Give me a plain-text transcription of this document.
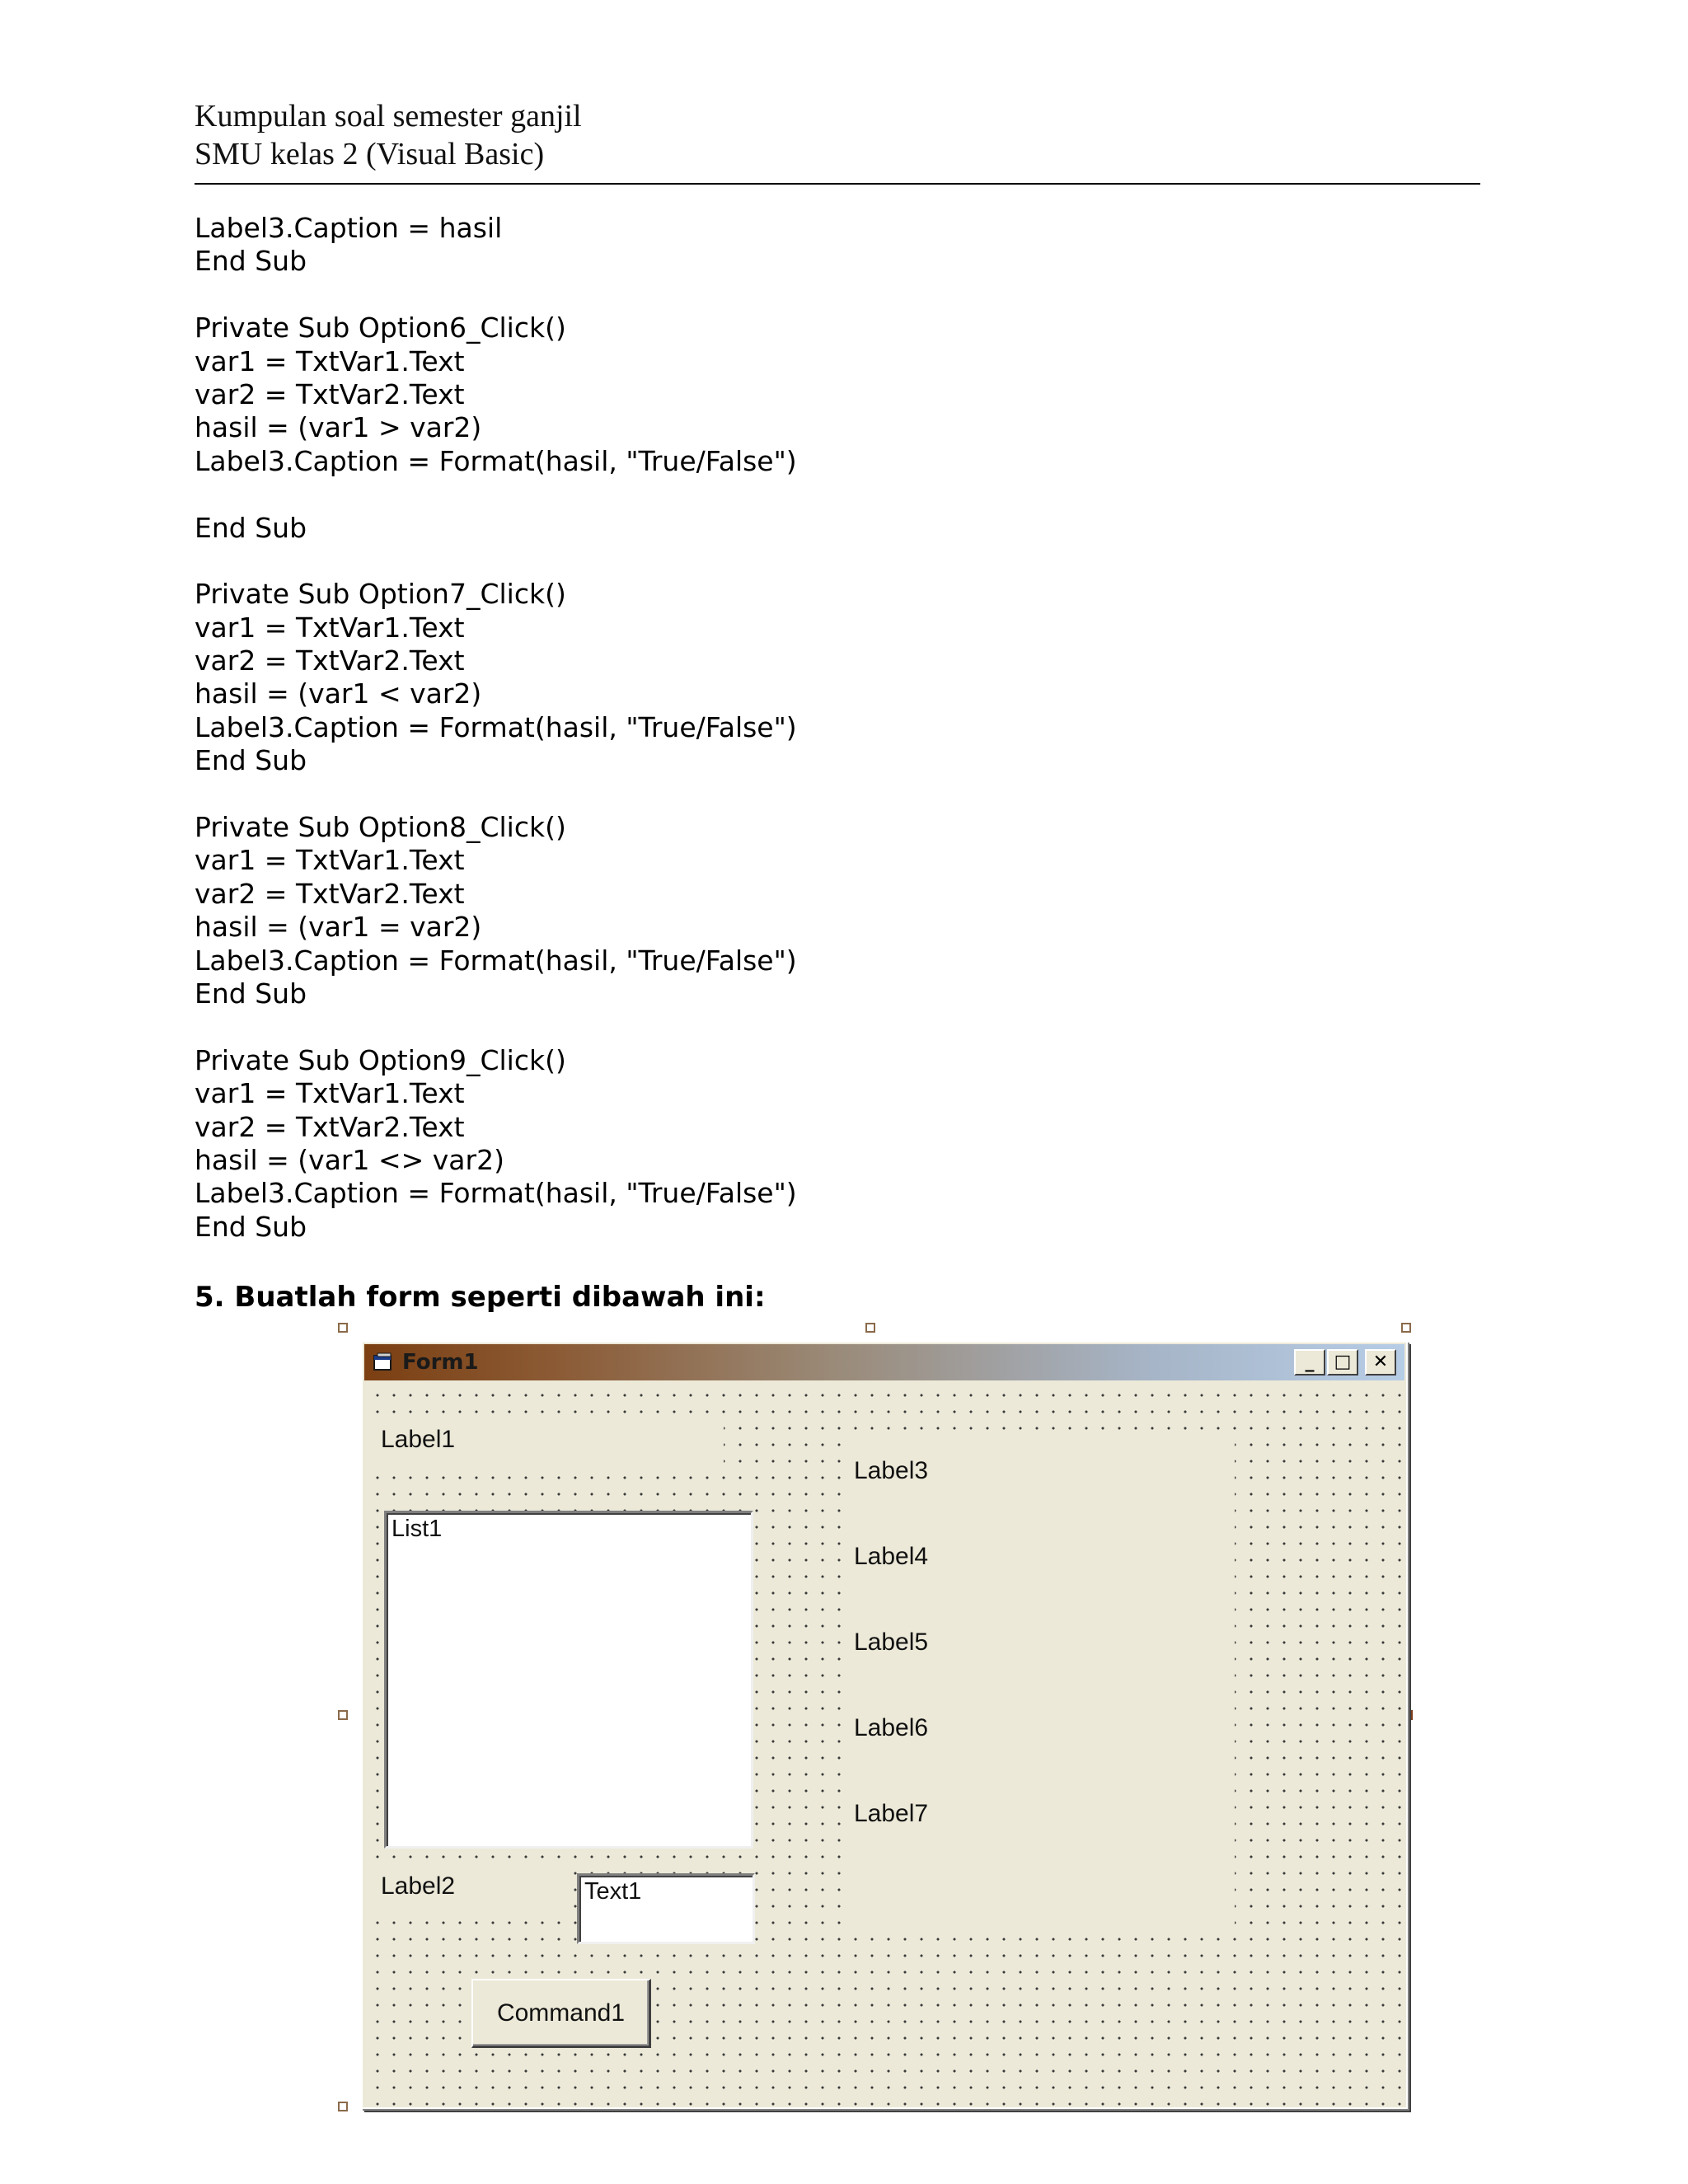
Kumpulan soal semester ganjil
SMU kelas 2 (Visual Basic)
Label3.Caption = hasil
End Sub
Private Sub Option6_Click()
var1 = TxtVar1.Text
var2 = TxtVar2.Text
hasil = (var1 > var2)
Label3.Caption = Format(hasil, "True/False")
End Sub
Private Sub Option7_Click()
var1 = TxtVar1.Text
var2 = TxtVar2.Text
hasil = (var1 < var2)
Label3.Caption = Format(hasil, "True/False")
End Sub
Private Sub Option8_Click()
var1 = TxtVar1.Text
var2 = TxtVar2.Text
hasil = (var1 = var2)
Label3.Caption = Format(hasil, "True/False")
End Sub
Private Sub Option9_Click()
var1 = TxtVar1.Text
var2 = TxtVar2.Text
hasil = (var1 <> var2)
Label3.Caption = Format(hasil, "True/False")
End Sub
5. Buatlah form seperti dibawah ini:
Form1	_	□	✕
Label1
Label3
Label4
Label5
Label6
Label7
List1
Label2	Text1
Command1
